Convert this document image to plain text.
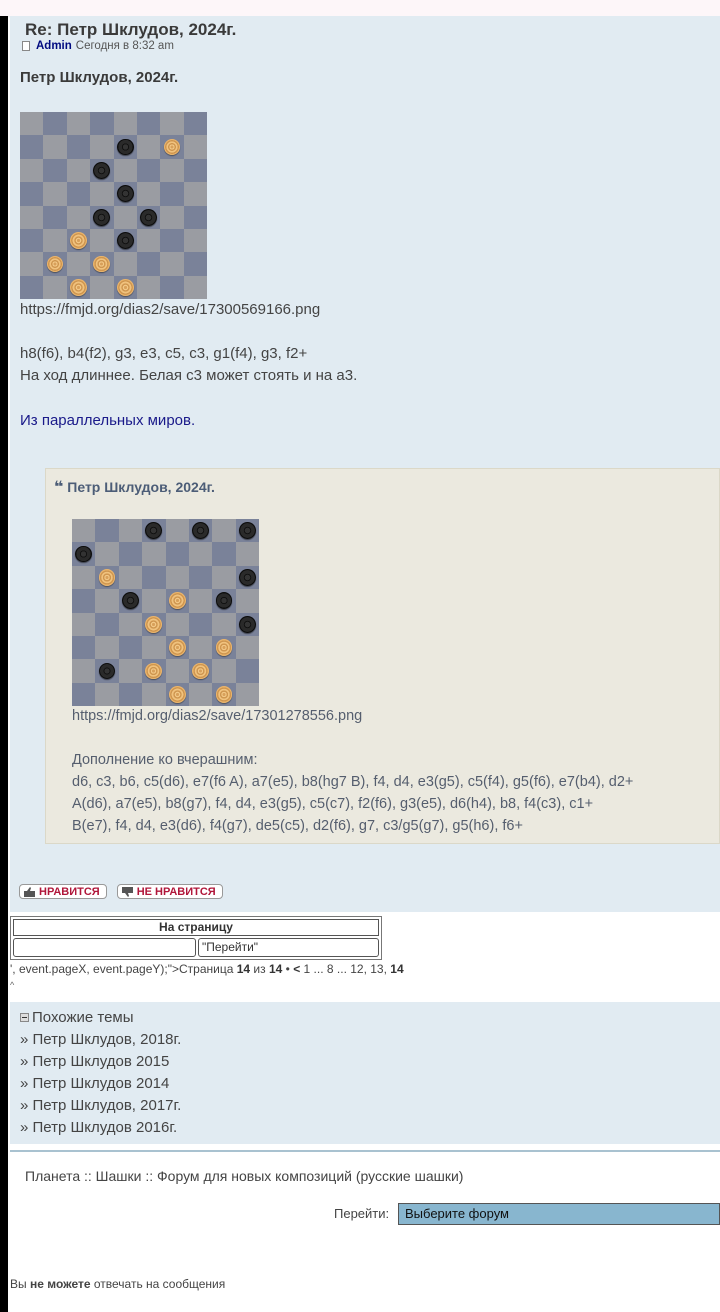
Re: Петр Шклудов, 2024г.
Admin Сегодня в 8:32 am
Петр Шклудов, 2024г.
https://fmjd.org/dias2/save/17300569166.png
h8(f6), b4(f2), g3, e3, c5, c3, g1(f4), g3, f2+
На ход длиннее. Белая с3 может стоять и на а3.
Из параллельных миров.
❝ Петр Шклудов, 2024г.
https://fmjd.org/dias2/save/17301278556.png
Дополнение ко вчерашним:
d6, c3, b6, c5(d6), e7(f6 A), a7(e5), b8(hg7 B), f4, d4, e3(g5), c5(f4), g5(f6), e7(b4), d2+
A(d6), a7(e5), b8(g7), f4, d4, e3(g5), c5(c7), f2(f6), g3(e5), d6(h4), b8, f4(c3), c1+
B(e7), f4, d4, e3(d6), f4(g7), de5(c5), d2(f6), g7, c3/g5(g7), g5(h6), f6+
НРАВИТСЯ	НЕ НРАВИТСЯ
На страницу
"Перейти"
', event.pageX, event.pageY);">Страница 14 из 14 • < 1 ... 8 ... 12, 13, 14
^
Похожие темы
» Петр Шклудов, 2018г.
» Петр Шклудов 2015
» Петр Шклудов 2014
» Петр Шклудов, 2017г.
» Петр Шклудов 2016г.
Планета :: Шашки :: Форум для новых композиций (русские шашки)
Перейти:	Выберите форум
Вы не можете отвечать на сообщения
